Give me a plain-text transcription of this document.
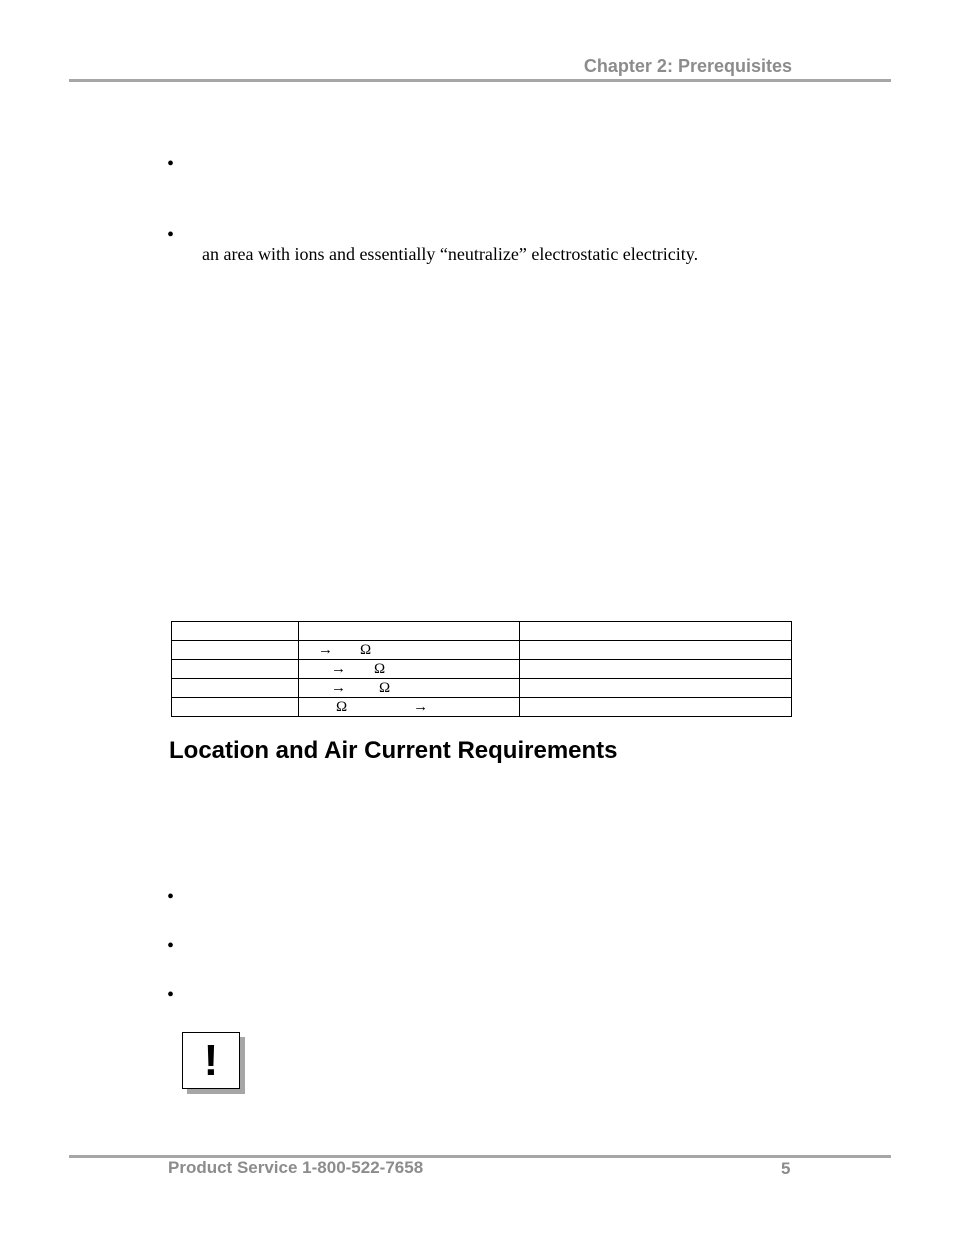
Chapter 2: Prerequisites
•
•
an area with ions and essentially “neutralize” electrostatic electricity.

	→ Ω	
	→ Ω	
	→ Ω	
	Ω →	
Location and Air Current Requirements
•
•
•
!
Product Service 1-800-522-7658	5
